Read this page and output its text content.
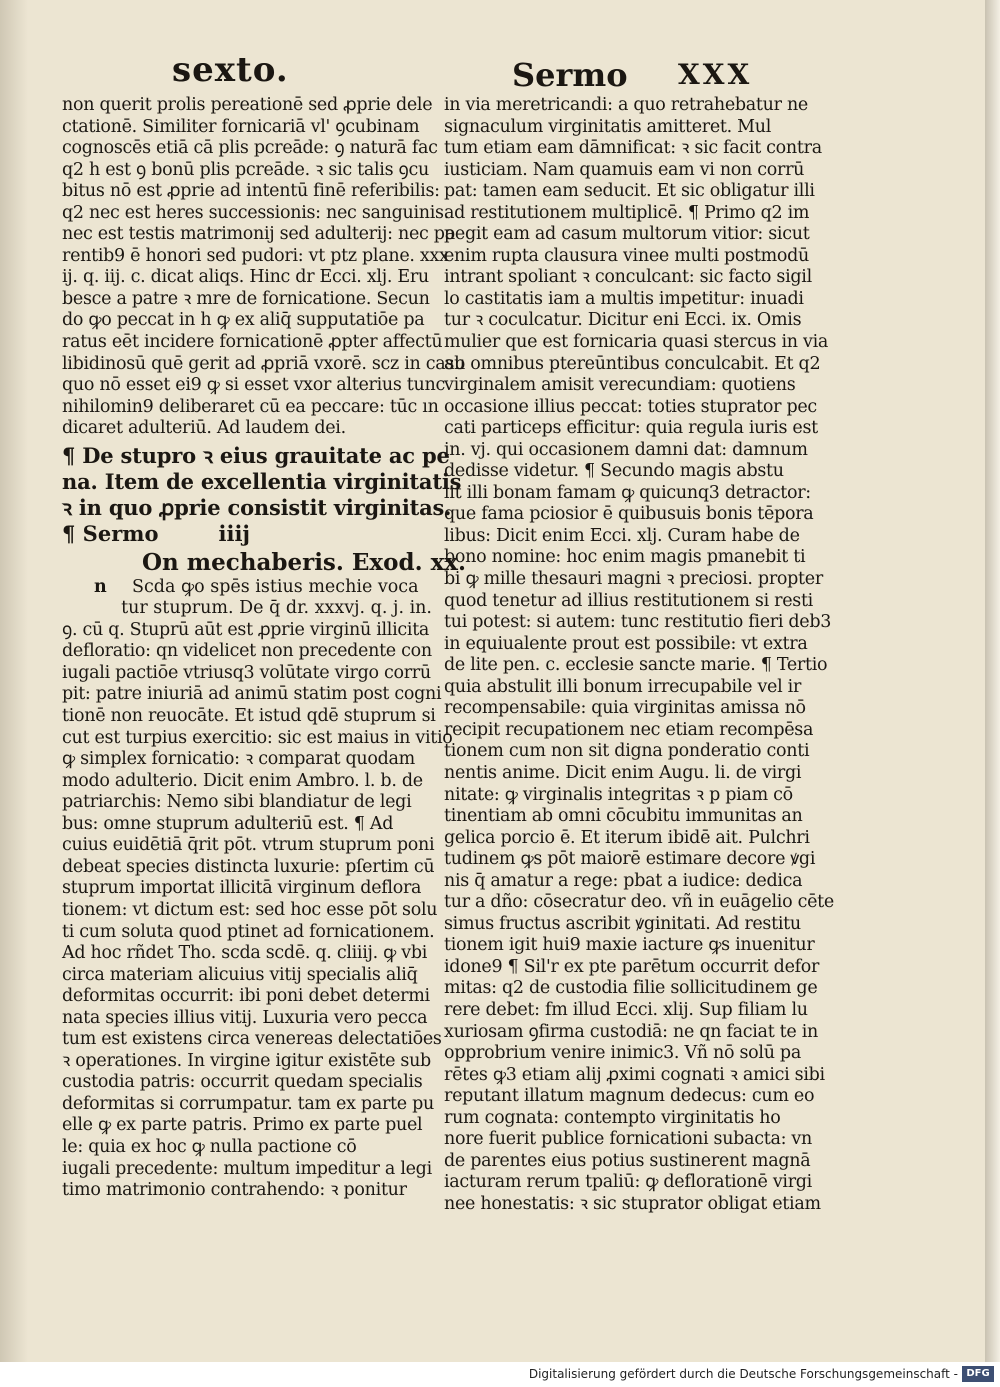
sexto.	Sermo XXX
non querit prolis pereationē sed ꝓprie dele
ctationē. Similiter fornicariā vl' ꝯcubinam
cognoscēs etiā cā plis pcreāde: ꝯ naturā fac
q2 h est ꝯ bonū plis pcreāde. ꝛ sic talis ꝯcu
bitus nō est ꝓprie ad intentū finē referibilis:
q2 nec est heres successionis: nec sanguinis.
nec est testis matrimonij sed adulterij: nec pa
rentib9 ē honori sed pudori: vt ptz plane. xxx
ij. q. iij. c. dicat aliqs. Hinc dr Ecci. xlj. Eru
besce a patre ꝛ mre de fornicatione. Secun
do ꝙo peccat in h ꝙ ex aliq̄ supputatiōe pa
ratus eēt incidere fornicationē ꝓpter affectū
libidinosū quē gerit ad ꝓpriā vxorē. scz in casu
quo nō esset ei9 ꝙ si esset vxor alterius tunc
nihilomin9 deliberaret cū ea peccare: tūc ın
dicaret adulteriū. Ad laudem dei.
¶ De stupro ꝛ eius grauitate ac pe
na. Item de excellentia virginitatis
ꝛ in quo ꝓprie consistit virginitas.
¶ Sermo	iiij
On mechaberis. Exod. xx.
n	Scda ꝙo spēs istius mechie voca
tur stuprum. De q̄ dr. xxxvj. q. j. in.
ꝯ. cū q. Stuprū aūt est ꝓprie virginū illicita
defloratio: qn videlicet non precedente con
iugali pactiōe vtriusq3 volūtate virgo corrū
pit: patre iniuriā ad animū statim post cogni
tionē non reuocāte. Et istud qdē stuprum si
cut est turpius exercitio: sic est maius in vitio
ꝙ simplex fornicatio: ꝛ comparat quodam
modo adulterio. Dicit enim Ambro. l. b. de
patriarchis: Nemo sibi blandiatur de legi
bus: omne stuprum adulteriū est. ¶ Ad
cuius euidētiā q̄rit pōt. vtrum stuprum poni
debeat species distincta luxurie: pſertim cū
stuprum importat illicitā virginum deflora
tionem: vt dictum est: sed hoc esse pōt solu
ti cum soluta quod ptinet ad fornicationem.
Ad hoc rñdet Tho. scda scdē. q. cliiij. ꝙ vbi
circa materiam alicuius vitij specialis aliq̄
deformitas occurrit: ibi poni debet determi
nata species illius vitij. Luxuria vero pecca
tum est existens circa venereas delectatiōes
ꝛ operationes. In virgine igitur existēte sub
custodia patris: occurrit quedam specialis
deformitas si corrumpatur. tam ex parte pu
elle ꝙ ex parte patris. Primo ex parte puel
le: quia ex hoc ꝙ nulla pactione cō
iugali precedente: multum impeditur a legi
timo matrimonio contrahendo: ꝛ ponitur
in via meretricandi: a quo retrahebatur ne
signaculum virginitatis amitteret. Mul
tum etiam eam dāmnificat: ꝛ sic facit contra
iusticiam. Nam quamuis eam vi non corrū
pat: tamen eam seducit. Et sic obligatur illi
ad restitutionem multiplicē. ¶ Primo q2 im
pegit eam ad casum multorum vitior: sicut
enim rupta clausura vinee multi postmodū
intrant spoliant ꝛ conculcant: sic facto sigil
lo castitatis iam a multis impetitur: inuadi
tur ꝛ coculcatur. Dicitur eni Ecci. ix. Omis
mulier que est fornicaria quasi stercus in via
ab omnibus ptereūntibus conculcabit. Et q2
virginalem amisit verecundiam: quotiens
occasione illius peccat: toties stuprator pec
cati particeps efficitur: quia regula iuris est
in. vj. qui occasionem damni dat: damnum
dedisse videtur. ¶ Secundo magis abstu
lit illi bonam famam ꝙ quicunq3 detractor:
que fama pciosior ē quibusuis bonis tēpora
libus: Dicit enim Ecci. xlj. Curam habe de
bono nomine: hoc enim magis pmanebit ti
bi ꝙ mille thesauri magni ꝛ preciosi. propter
quod tenetur ad illius restitutionem si resti
tui potest: si autem: tunc restitutio fieri deb3
in equiualente prout est possibile: vt extra
de lite pen. c. ecclesie sancte marie. ¶ Tertio
quia abstulit illi bonum irrecupabile vel ir
recompensabile: quia virginitas amissa nō
recipit recupationem nec etiam recompēsa
tionem cum non sit digna ponderatio conti
nentis anime. Dicit enim Augu. li. de virgi
nitate: ꝙ virginalis integritas ꝛ p piam cō
tinentiam ab omni cōcubitu immunitas an
gelica porcio ē. Et iterum ibidē ait. Pulchri
tudinem ꝙs pōt maiorē estimare decore ꝟgi
nis q̄ amatur a rege: pbat a iudice: dedica
tur a dño: cōsecratur deo. vñ in euāgelio cēte
simus fructus ascribit ꝟginitati. Ad restitu
tionem igit hui9 maxie iacture ꝙs inuenitur
idone9 ¶ Sil'r ex pte parētum occurrit defor
mitas: q2 de custodia filie sollicitudinem ge
rere debet: fm illud Ecci. xlij. Sup filiam lu
xuriosam ꝯfirma custodiā: ne qn faciat te in
opprobrium venire inimic3. Vñ nō solū pa
rētes ꝙ3 etiam alij ꝓximi cognati ꝛ amici sibi
reputant illatum magnum dedecus: cum eo
rum cognata: contempto virginitatis ho
nore fuerit publice fornicationi subacta: vn
de parentes eius potius sustinerent magnā
iacturam rerum tpaliū: ꝙ deflorationē virgi
nee honestatis: ꝛ sic stuprator obligat etiam
Digitalisierung gefördert durch die Deutsche Forschungsgemeinschaft - DFG
